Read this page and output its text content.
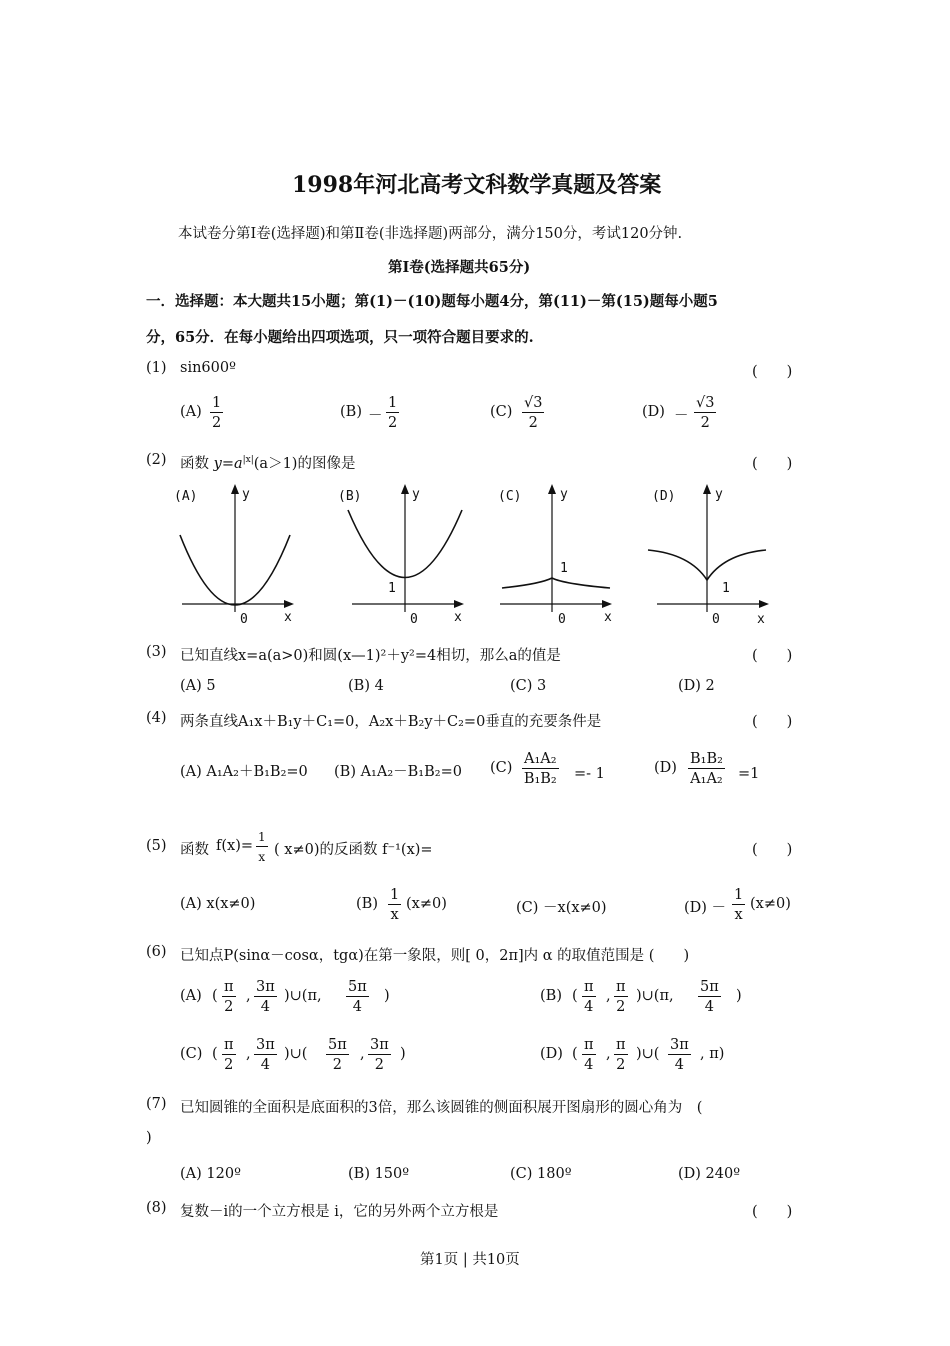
1998年河北高考文科数学真题及答案
本试卷分第Ⅰ卷(选择题)和第Ⅱ卷(非选择题)两部分，满分150分，考试120分钟.
第Ⅰ卷(选择题共65分)
一．选择题：本大题共15小题；第(1)－(10)题每小题4分，第(11)－第(15)题每小题5
分，65分．在每小题给出四项选项，只一项符合题目要求的.
(1) sin600º	(　　)
$(A) \frac{1}{2}$	$(B) - \frac{1}{2}$	$(C) \frac{√3}{2}$	$(D) - \frac{√3}{2}$
(2) 函数 $y=a^{|x|}(a>1)$的图像是	(　　)
(A)	y
x
0
(B)	y
x
0
1
(C)	y
x
0
1
(D)	y
x
0
1
(3) 已知直线x=a(a>0)和圆(x—1)²＋y²=4相切，那么a的值是	(　　)
(A) 5	(B) 4	(C) 3	(D) 2
(4) 两条直线A₁x＋B₁y＋C₁=0，A₂x＋B₂y＋C₂=0垂直的充要条件是	(　　)
(A) A₁A₂＋B₁B₂=0 (B) A₁A₂－B₁B₂=0 $(C) \frac{\text{A₁A₂}}{\text{B₁B₂}} =- 1$	$(D) \frac{\text{B₁B₂}}{\text{A₁A₂}} =1$
(5) 函数 $f(x)= \frac{1}{x}$ ( x≠0)的反函数 f⁻¹(x)=	(　　)
(A) x(x≠0)	$(B) \frac{1}{x} (x\ne 0)$	(C) －x(x≠0)	$(D) - \frac{1}{x} (x\ne 0)$
(6) 已知点P(sinα－cosα，tgα)在第一象限，则[ 0，2π]内 α 的取值范围是 (　　)
(A) ( $\frac{\pi}{2}$ , $\frac{3\pi}{4}$ )∪(π, $\frac{5\pi}{4}$ )	(B) ( $\frac{\pi}{4}$ , $\frac{\pi}{2}$ )∪(π, $\frac{5\pi}{4}$ )
(C) ( $\frac{\pi}{2}$ , $\frac{3\pi}{4}$ )∪( $\frac{5\pi}{2}$ , $\frac{3\pi}{2}$ )	(D) ( $\frac{\pi}{4}$ , $\frac{\pi}{2}$ )∪( $\frac{3\pi}{4}$ , π)
(7) 已知圆锥的全面积是底面积的3倍，那么该圆锥的侧面积展开图扇形的圆心角为　(
)
(A) 120º	(B) 150º	(C) 180º	(D) 240º
(8) 复数－i的一个立方根是 i，它的另外两个立方根是	(　　)
第1页 | 共10页
